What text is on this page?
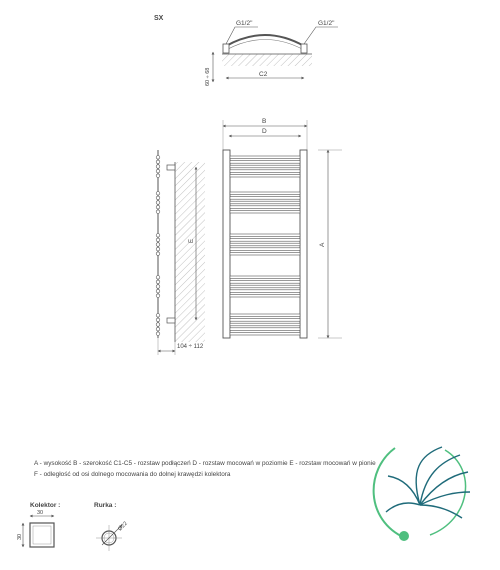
SX
G1/2"	G1/2"
C2
60 ÷ 68
B
D
A
E
104 ÷ 112
Kolektor :
30
30
Rurka :
Ø22
A - wysokość B - szerokość C1-C5 - rozstaw podłączeń D - rozstaw mocowań w poziomie E - rozstaw mocowań w pionie
F - odległość od osi dolnego mocowania do dolnej krawędzi kolektora
